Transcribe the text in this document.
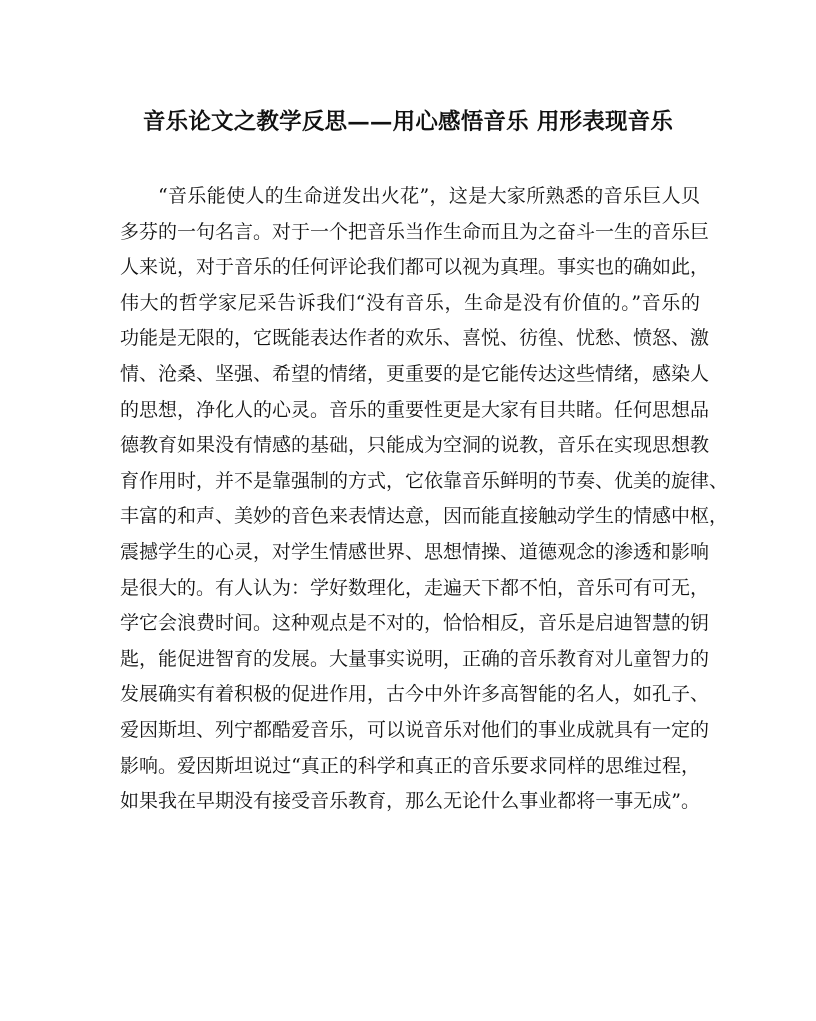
音乐论文之教学反思——用心感悟音乐 用形表现音乐
“音乐能使人的生命迸发出火花”，这是大家所熟悉的音乐巨人贝
多芬的一句名言。对于一个把音乐当作生命而且为之奋斗一生的音乐巨
人来说，对于音乐的任何评论我们都可以视为真理。事实也的确如此，
伟大的哲学家尼采告诉我们“没有音乐，生命是没有价值的。”音乐的
功能是无限的，它既能表达作者的欢乐、喜悦、彷徨、忧愁、愤怒、激
情、沧桑、坚强、希望的情绪，更重要的是它能传达这些情绪，感染人
的思想，净化人的心灵。音乐的重要性更是大家有目共睹。任何思想品
德教育如果没有情感的基础，只能成为空洞的说教，音乐在实现思想教
育作用时，并不是靠强制的方式，它依靠音乐鲜明的节奏、优美的旋律、
丰富的和声、美妙的音色来表情达意，因而能直接触动学生的情感中枢，
震撼学生的心灵，对学生情感世界、思想情操、道德观念的渗透和影响
是很大的。有人认为：学好数理化，走遍天下都不怕，音乐可有可无，
学它会浪费时间。这种观点是不对的，恰恰相反，音乐是启迪智慧的钥
匙，能促进智育的发展。大量事实说明，正确的音乐教育对儿童智力的
发展确实有着积极的促进作用，古今中外许多高智能的名人，如孔子、
爱因斯坦、列宁都酷爱音乐，可以说音乐对他们的事业成就具有一定的
影响。爱因斯坦说过“真正的科学和真正的音乐要求同样的思维过程，
如果我在早期没有接受音乐教育，那么无论什么事业都将一事无成”。
